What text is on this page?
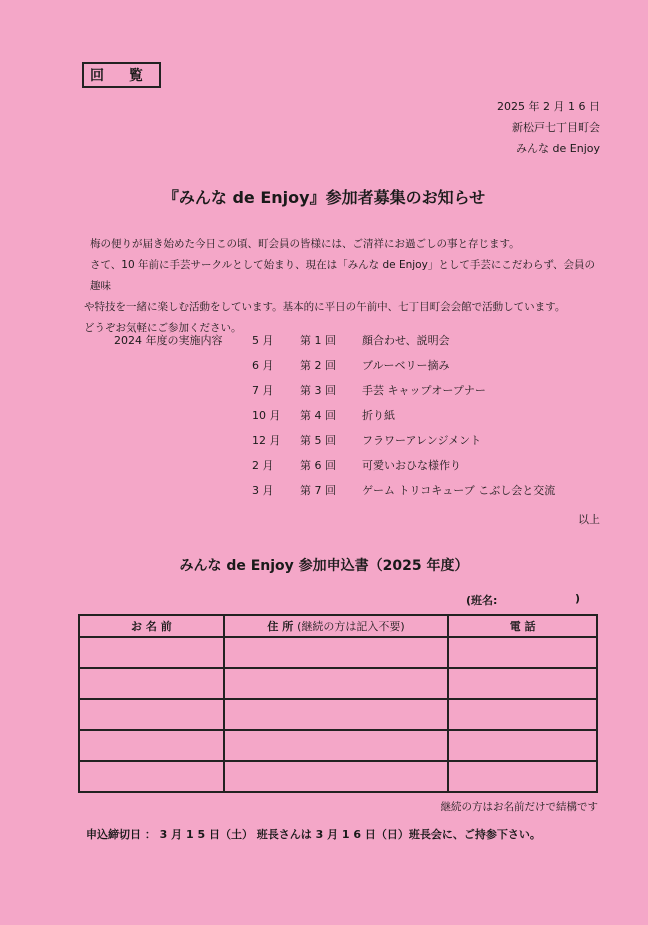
回 覧
2025 年 2 月 1 6 日
新松戸七丁目町会
みんな de Enjoy
『みんな de Enjoy』参加者募集のお知らせ

梅の便りが届き始めた今日この頃、町会員の皆様には、ご清祥にお過ごしの事と存じます。

さて、10 年前に手芸サークルとして始まり、現在は「みんな de Enjoy」として手芸にこだわらず、会員の趣味

や特技を一緒に楽しむ活動をしています。基本的に平日の午前中、七丁目町会会館で活動しています。

どうぞお気軽にご参加ください。

2024 年度の実施内容	5 月	第 1 回 顔合わせ、説明会
6 月	第 2 回 ブルーベリー摘み
7 月	第 3 回 手芸 キャップオープナー
10 月	第 4 回 折り紙
12 月	第 5 回 フラワーアレンジメント
2 月	第 6 回 可愛いおひな様作り
3 月	第 7 回 ゲーム トリコキューブ こぶし会と交流
以上
みんな de Enjoy 参加申込書（2025 年度）
(班名:	)
お 名 前	住 所 (継続の方は記入不要)	電 話

継続の方はお名前だけで結構です
申込締切日 ： 3 月 1 5 日（土） 班長さんは 3 月 1 6 日（日）班長会に、ご持参下さい。
